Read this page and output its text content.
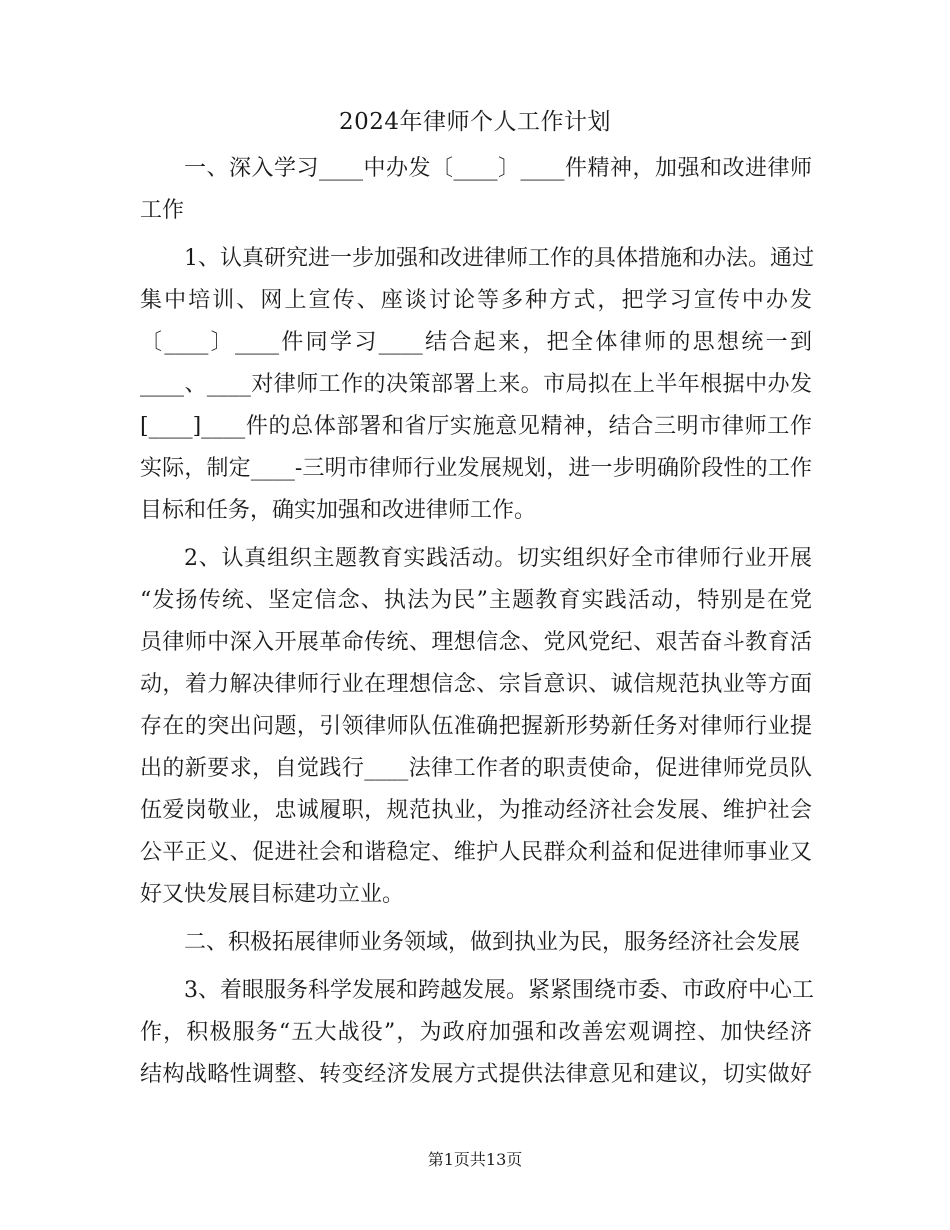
2024年律师个人工作计划
一、深入学习____中办发〔____〕____件精神，加强和改进律师
工作
1、认真研究进一步加强和改进律师工作的具体措施和办法。通过
集中培训、网上宣传、座谈讨论等多种方式，把学习宣传中办发
〔____〕____件同学习____结合起来，把全体律师的思想统一到
____、____对律师工作的决策部署上来。市局拟在上半年根据中办发
[____]____件的总体部署和省厅实施意见精神，结合三明市律师工作
实际，制定____-三明市律师行业发展规划，进一步明确阶段性的工作
目标和任务，确实加强和改进律师工作。
2、认真组织主题教育实践活动。切实组织好全市律师行业开展
“发扬传统、坚定信念、执法为民”主题教育实践活动，特别是在党
员律师中深入开展革命传统、理想信念、党风党纪、艰苦奋斗教育活
动，着力解决律师行业在理想信念、宗旨意识、诚信规范执业等方面
存在的突出问题，引领律师队伍准确把握新形势新任务对律师行业提
出的新要求，自觉践行____法律工作者的职责使命，促进律师党员队
伍爱岗敬业，忠诚履职，规范执业，为推动经济社会发展、维护社会
公平正义、促进社会和谐稳定、维护人民群众利益和促进律师事业又
好又快发展目标建功立业。
二、积极拓展律师业务领域，做到执业为民，服务经济社会发展
3、着眼服务科学发展和跨越发展。紧紧围绕市委、市政府中心工
作，积极服务“五大战役”，为政府加强和改善宏观调控、加快经济
结构战略性调整、转变经济发展方式提供法律意见和建议，切实做好
第1页共13页
